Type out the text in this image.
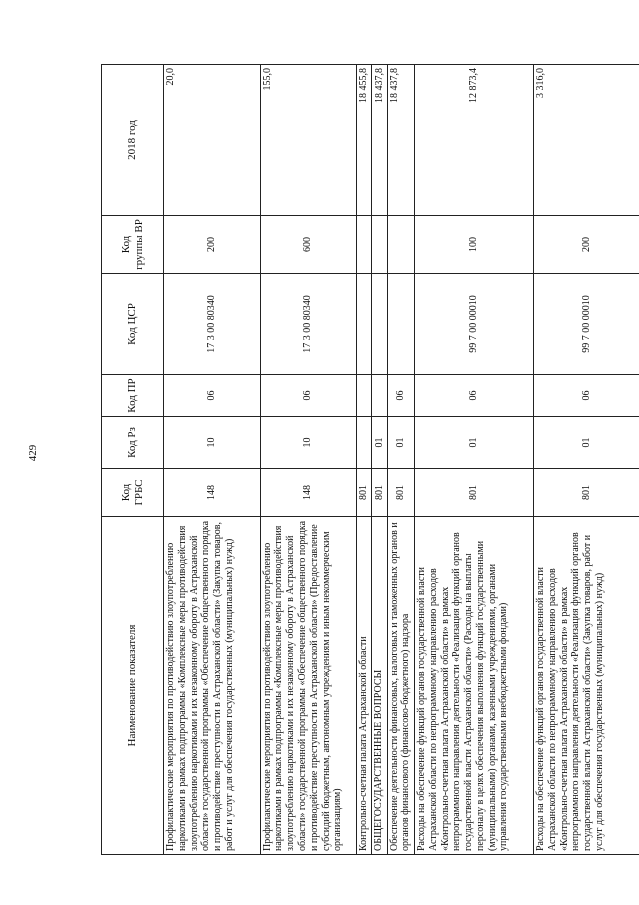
429
Наименование показателя	Код ГРБС	Код Рз	Код ПР	Код ЦСР	Код группы ВР	2018 год
Профилактические мероприятия по противодействию злоупотреблению наркотиками в рамках подпрограммы «Комплексные меры противодействия злоупотреблению наркотиками и их незаконному обороту в Астраханской области» государственной программы «Обеспечение общественного порядка и противодействие преступности в Астраханской области» (Закупка товаров, работ и услуг для обеспечения государственных (муниципальных) нужд)	148	10	06	17 3 00 80340	200	20,0
Профилактические мероприятия по противодействию злоупотреблению наркотиками в рамках подпрограммы «Комплексные меры противодействия злоупотреблению наркотиками и их незаконному обороту в Астраханской области» государственной программы «Обеспечение общественного порядка и противодействие преступности в Астраханской области» (Предоставление субсидий бюджетным, автономным учреждениям и иным некоммерческим организациям)	148	10	06	17 3 00 80340	600	155,0
Контрольно-счетная палата Астраханской области	801					18 455,8
ОБЩЕГОСУДАРСТВЕННЫЕ ВОПРОСЫ	801	01				18 437,8
Обеспечение деятельности финансовых, налоговых и таможенных органов и органов финансового (финансово-бюджетного) надзора	801	01	06			18 437,8
Расходы на обеспечение функций органов государственной власти Астраханской области по непрограммному направлению расходов «Контрольно-счетная палата Астраханской области» в рамках непрограммного направления деятельности «Реализация функций органов государственной власти Астраханской области» (Расходы на выплаты персоналу в целях обеспечения выполнения функций государственными (муниципальными) органами, казенными учреждениями, органами управления государственными внебюджетными фондами)	801	01	06	99 7 00 00010	100	12 873,4
Расходы на обеспечение функций органов государственной власти Астраханской области по непрограммному направлению расходов «Контрольно-счетная палата Астраханской области» в рамках непрограммного направления деятельности «Реализация функций органов государственной власти Астраханской области» (Закупка товаров, работ и услуг для обеспечения государственных (муниципальных) нужд)	801	01	06	99 7 00 00010	200	3 316,0
